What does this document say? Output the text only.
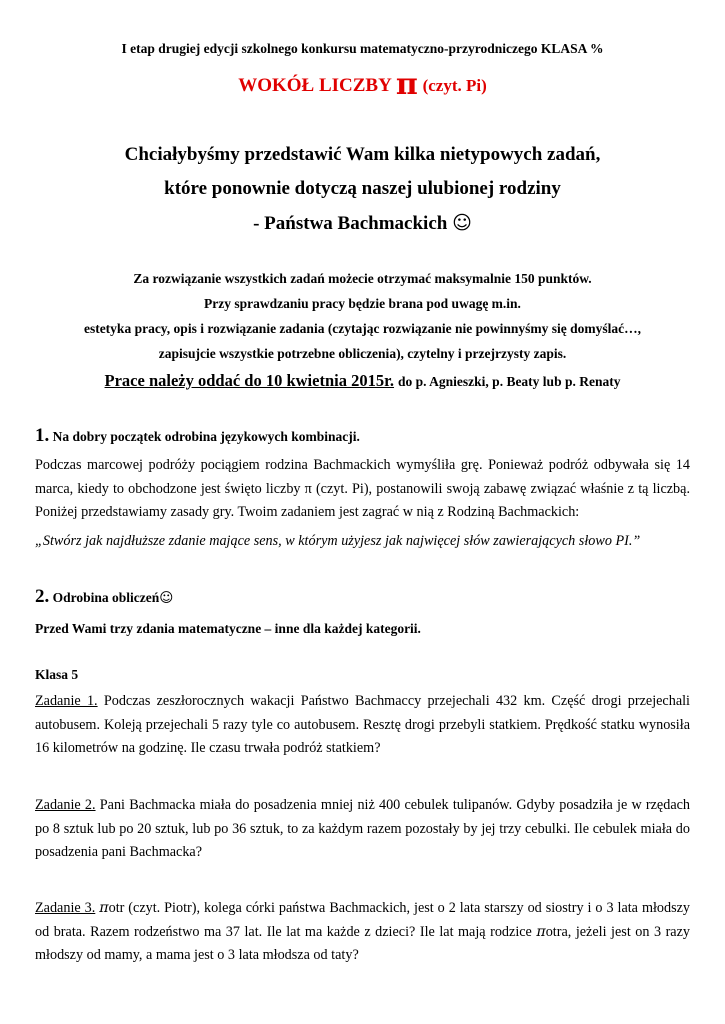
I etap drugiej edycji szkolnego konkursu matematyczno-przyrodniczego KLASA %
WOKÓŁ LICZBY π (czyt. Pi)
Chciałybyśmy przedstawić Wam kilka nietypowych zadań,
które ponownie dotyczą naszej ulubionej rodziny
- Państwa Bachmackich ☺
Za rozwiązanie wszystkich zadań możecie otrzymać maksymalnie 150 punktów.
Przy sprawdzaniu pracy będzie brana pod uwagę m.in.
estetyka pracy, opis i rozwiązanie zadania (czytając rozwiązanie nie powinnyśmy się domyślać…,
zapisujcie wszystkie potrzebne obliczenia), czytelny i przejrzysty zapis.
Prace należy oddać do 10 kwietnia 2015r. do p. Agnieszki, p. Beaty lub p. Renaty
1. Na dobry początek odrobina językowych kombinacji.
Podczas marcowej podróży pociągiem rodzina Bachmackich wymyśliła grę. Ponieważ podróż odbywała się 14 marca, kiedy to obchodzone jest święto liczby π (czyt. Pi), postanowili swoją zabawę związać właśnie z tą liczbą. Poniżej przedstawiamy zasady gry. Twoim zadaniem jest zagrać w nią z Rodziną Bachmackich:
„Stwórz jak najdłuższe zdanie mające sens, w którym użyjesz jak najwięcej słów zawierających słowo PI.”
2. Odrobina obliczeń☺
Przed Wami trzy zdania matematyczne – inne dla każdej kategorii.
Klasa 5
Zadanie 1. Podczas zeszłorocznych wakacji Państwo Bachmaccy przejechali 432 km. Część drogi przejechali autobusem. Koleją przejechali 5 razy tyle co autobusem. Resztę drogi przebyli statkiem. Prędkość statku wynosiła 16 kilometrów na godzinę. Ile czasu trwała podróż statkiem?
Zadanie 2. Pani Bachmacka miała do posadzenia mniej niż 400 cebulek tulipanów. Gdyby posadziła je w rzędach po 8 sztuk lub po 20 sztuk, lub po 36 sztuk, to za każdym razem pozostały by jej trzy cebulki. Ile cebulek miała do posadzenia pani Bachmacka?
Zadanie 3. πotr (czyt. Piotr), kolega córki państwa Bachmackich, jest o 2 lata starszy od siostry i o 3 lata młodszy od brata. Razem rodzeństwo ma 37 lat. Ile lat ma każde z dzieci? Ile lat mają rodzice πotra, jeżeli jest on 3 razy młodszy od mamy, a mama jest o 3 lata młodsza od taty?
